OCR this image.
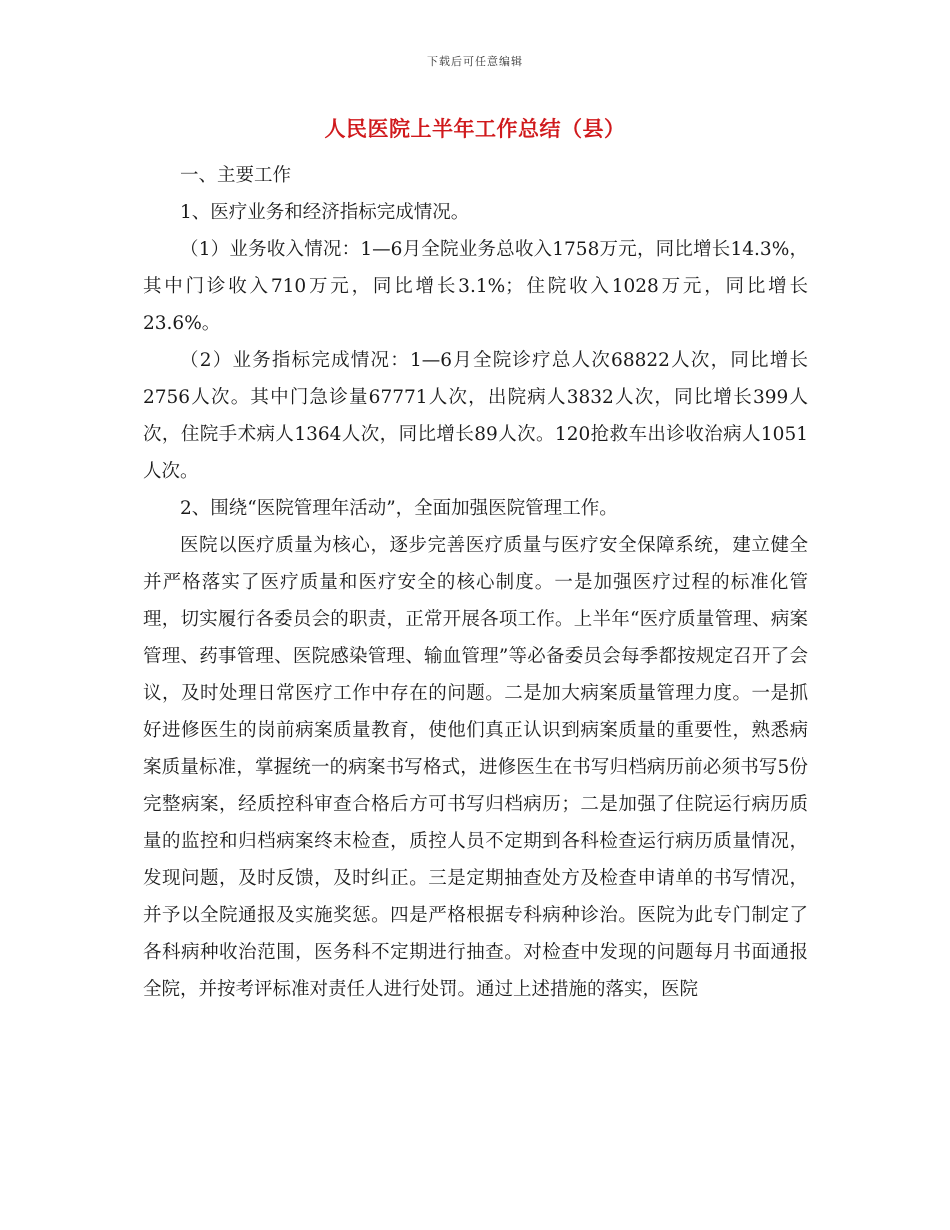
下载后可任意编辑
人民医院上半年工作总结（县）

一、主要工作

1、医疗业务和经济指标完成情况。

（1）业务收入情况：1—6月全院业务总收入1758万元，同比增长14.3%，其中门诊收入710万元，同比增长3.1%；住院收入1028万元，同比增长23.6%。

（2）业务指标完成情况：1—6月全院诊疗总人次68822人次，同比增长2756人次。其中门急诊量67771人次，出院病人3832人次，同比增长399人次，住院手术病人1364人次，同比增长89人次。120抢救车出诊收治病人1051人次。

2、围绕“医院管理年活动”，全面加强医院管理工作。

医院以医疗质量为核心，逐步完善医疗质量与医疗安全保障系统，建立健全并严格落实了医疗质量和医疗安全的核心制度。一是加强医疗过程的标准化管理，切实履行各委员会的职责，正常开展各项工作。上半年“医疗质量管理、病案管理、药事管理、医院感染管理、输血管理”等必备委员会每季都按规定召开了会议，及时处理日常医疗工作中存在的问题。二是加大病案质量管理力度。一是抓好进修医生的岗前病案质量教育，使他们真正认识到病案质量的重要性，熟悉病案质量标准，掌握统一的病案书写格式，进修医生在书写归档病历前必须书写5份完整病案，经质控科审查合格后方可书写归档病历；二是加强了住院运行病历质量的监控和归档病案终末检查，质控人员不定期到各科检查运行病历质量情况，发现问题，及时反馈，及时纠正。三是定期抽查处方及检查申请单的书写情况，并予以全院通报及实施奖惩。四是严格根据专科病种诊治。医院为此专门制定了各科病种收治范围，医务科不定期进行抽查。对检查中发现的问题每月书面通报全院，并按考评标准对责任人进行处罚。通过上述措施的落实，医院
